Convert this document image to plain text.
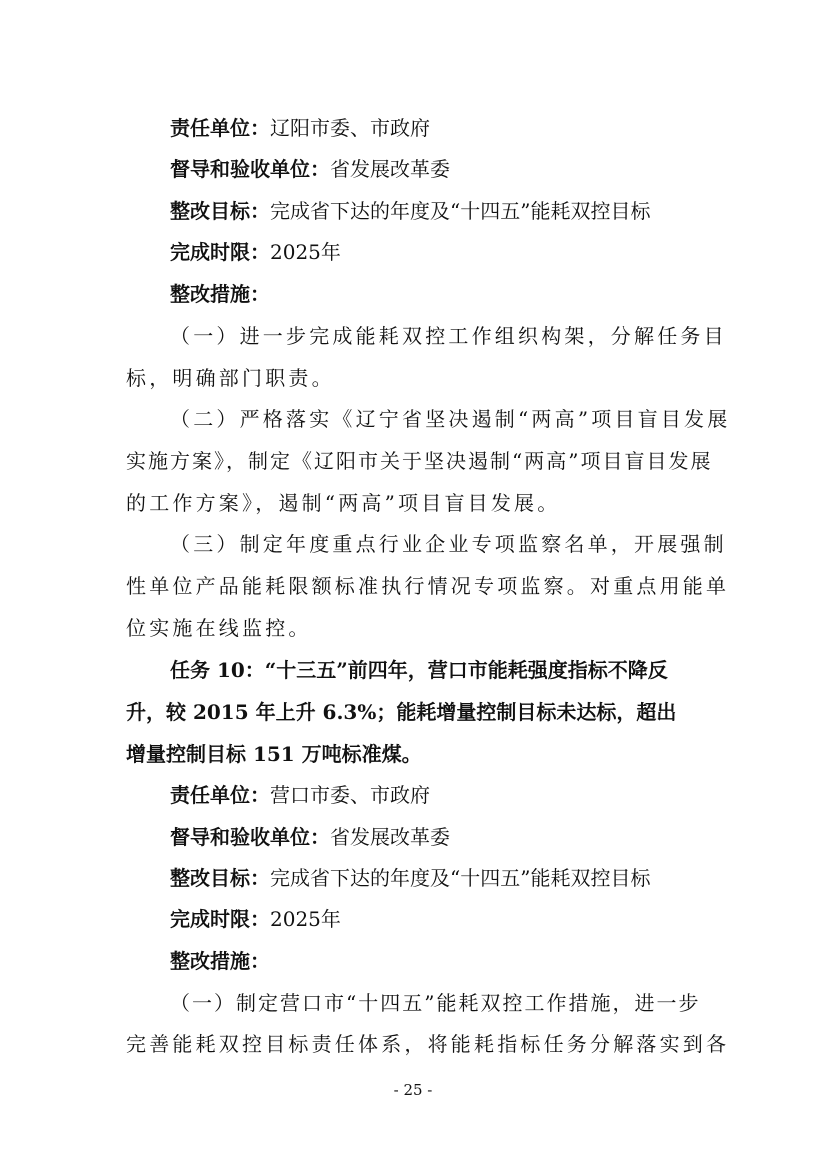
责任单位：辽阳市委、市政府
督导和验收单位：省发展改革委
整改目标：完成省下达的年度及“十四五”能耗双控目标
完成时限：2025年
整改措施：
（一）进一步完成能耗双控工作组织构架，分解任务目
标，明确部门职责。
（二）严格落实《辽宁省坚决遏制“两高”项目盲目发展
实施方案》，制定《辽阳市关于坚决遏制“两高”项目盲目发展
的工作方案》，遏制“两高”项目盲目发展。
（三）制定年度重点行业企业专项监察名单，开展强制
性单位产品能耗限额标准执行情况专项监察。对重点用能单
位实施在线监控。
任务 10：“十三五”前四年，营口市能耗强度指标不降反
升，较 2015 年上升 6.3%；能耗增量控制目标未达标，超出
增量控制目标 151 万吨标准煤。
责任单位：营口市委、市政府
督导和验收单位：省发展改革委
整改目标：完成省下达的年度及“十四五”能耗双控目标
完成时限：2025年
整改措施：
（一）制定营口市“十四五”能耗双控工作措施，进一步
完善能耗双控目标责任体系，将能耗指标任务分解落实到各
- 25 -
